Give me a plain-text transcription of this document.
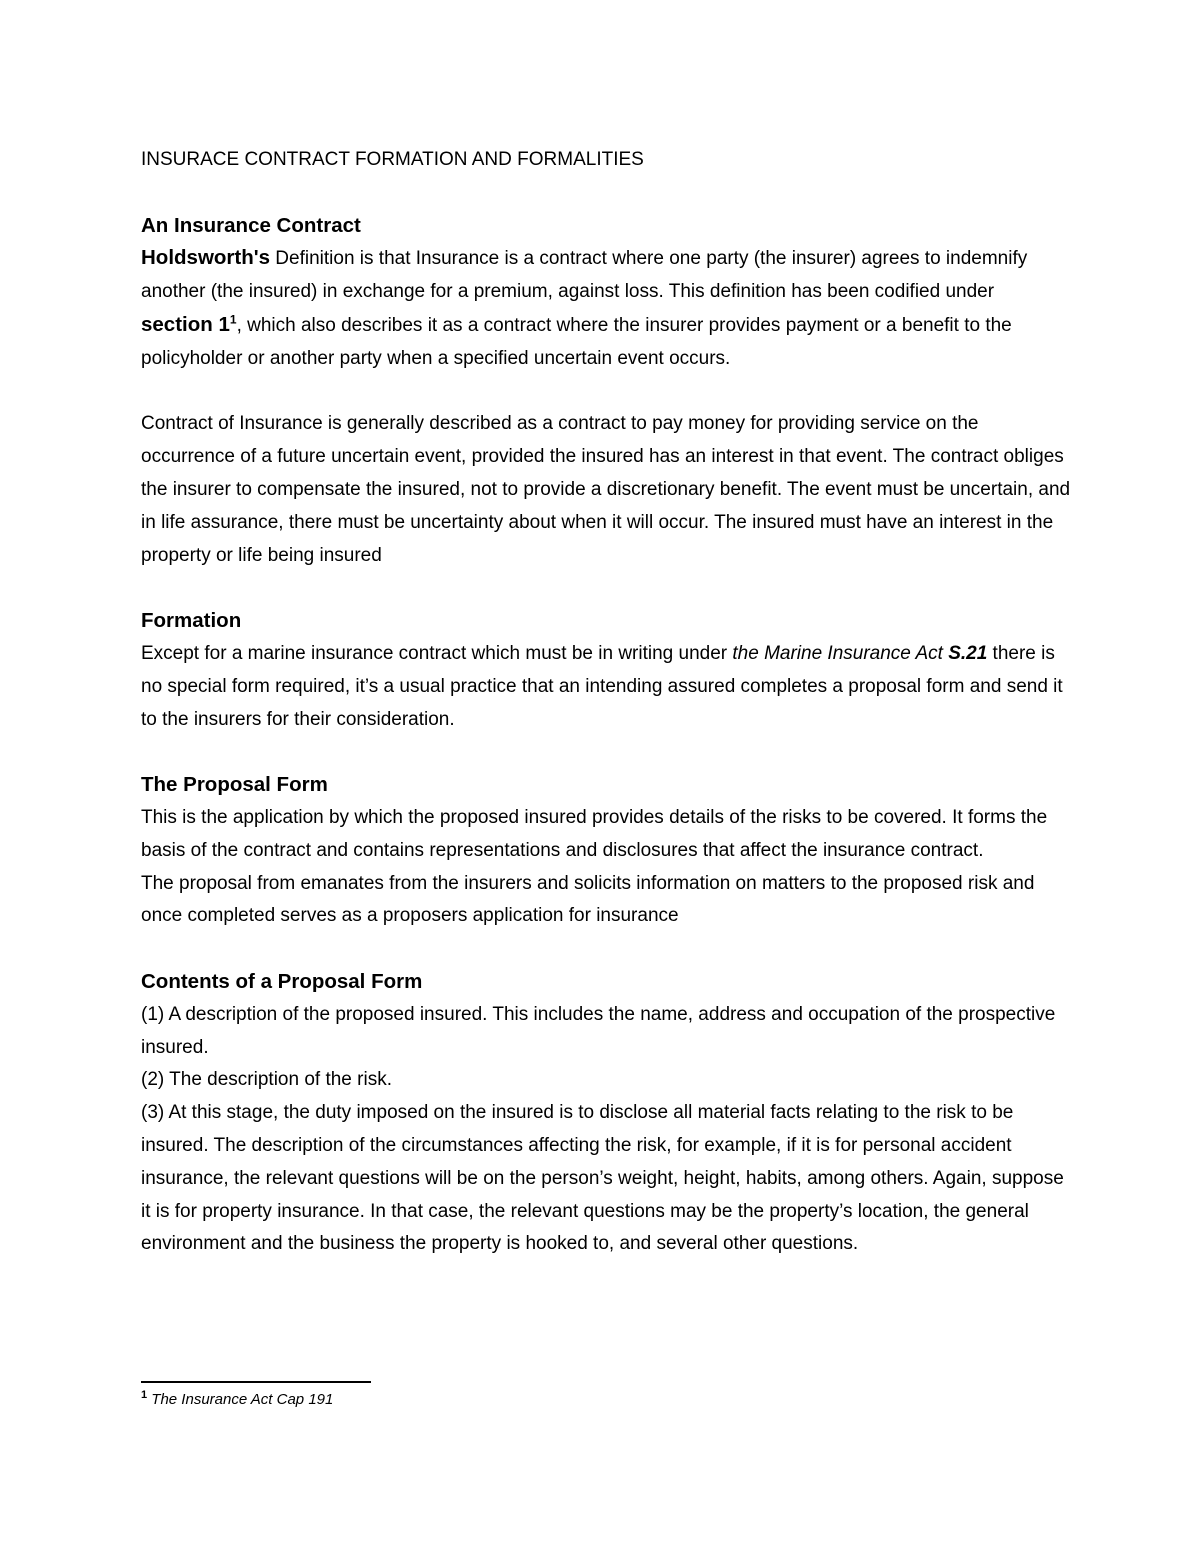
INSURACE CONTRACT FORMATION AND FORMALITIES

An Insurance Contract

Holdsworth's Definition is that Insurance is a contract where one party (the insurer) agrees to indemnify another (the insured) in exchange for a premium, against loss. This definition has been codified under section $1^1$, which also describes it as a contract where the insurer provides payment or a benefit to the policyholder or another party when a specified uncertain event occurs.

Contract of Insurance is generally described as a contract to pay money for providing service on the occurrence of a future uncertain event, provided the insured has an interest in that event. The contract obliges the insurer to compensate the insured, not to provide a discretionary benefit. The event must be uncertain, and in life assurance, there must be uncertainty about when it will occur. The insured must have an interest in the property or life being insured

Formation

Except for a marine insurance contract which must be in writing under the Marine Insurance Act S.21 there is no special form required, it’s a usual practice that an intending assured completes a proposal form and send it to the insurers for their consideration.

The Proposal Form

This is the application by which the proposed insured provides details of the risks to be covered. It forms the basis of the contract and contains representations and disclosures that affect the insurance contract.

The proposal from emanates from the insurers and solicits information on matters to the proposed risk and once completed serves as a proposers application for insurance

Contents of a Proposal Form

(1) A description of the proposed insured. This includes the name, address and occupation of the prospective insured.

(2) The description of the risk.

(3) At this stage, the duty imposed on the insured is to disclose all material facts relating to the risk to be insured. The description of the circumstances affecting the risk, for example, if it is for personal accident insurance, the relevant questions will be on the person’s weight, height, habits, among others. Again, suppose it is for property insurance. In that case, the relevant questions may be the property’s location, the general environment and the business the property is hooked to, and several other questions.

$^1$ The Insurance Act Cap 191
